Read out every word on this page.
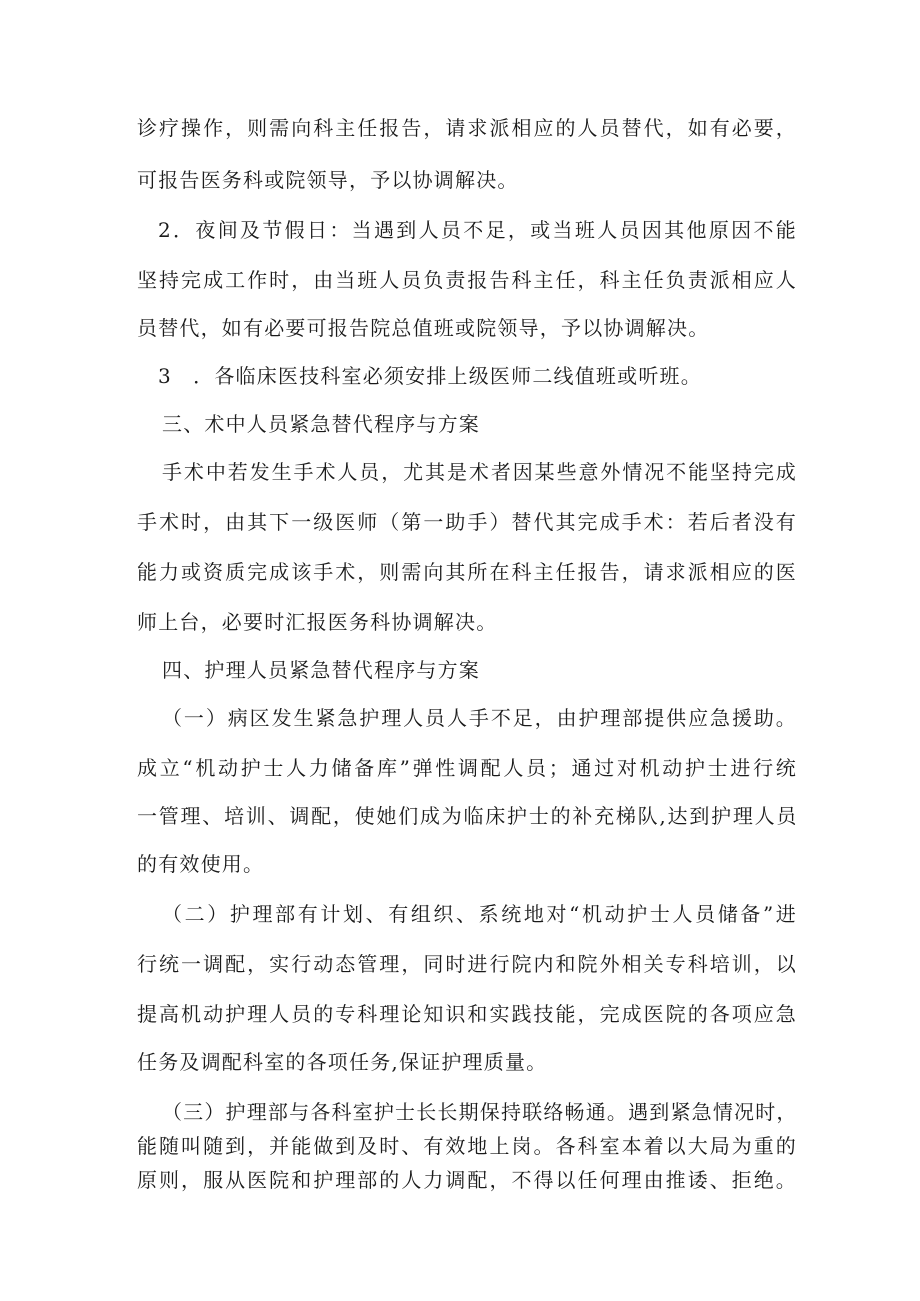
诊疗操作，则需向科主任报告，请求派相应的人员替代，如有必要，
可报告医务科或院领导，予以协调解决。
2．夜间及节假日：当遇到人员不足，或当班人员因其他原因不能
坚持完成工作时，由当班人员负责报告科主任，科主任负责派相应人
员替代，如有必要可报告院总值班或院领导，予以协调解决。
3　．各临床医技科室必须安排上级医师二线值班或听班。
三、术中人员紧急替代程序与方案
手术中若发生手术人员，尤其是术者因某些意外情况不能坚持完成
手术时，由其下一级医师（第一助手）替代其完成手术：若后者没有
能力或资质完成该手术，则需向其所在科主任报告，请求派相应的医
师上台，必要时汇报医务科协调解决。
四、护理人员紧急替代程序与方案
（一）病区发生紧急护理人员人手不足，由护理部提供应急援助。
成立“机动护士人力储备库”弹性调配人员；通过对机动护士进行统
一管理、培训、调配，使她们成为临床护士的补充梯队,达到护理人员
的有效使用。
（二）护理部有计划、有组织、系统地对“机动护士人员储备”进
行统一调配，实行动态管理，同时进行院内和院外相关专科培训，以
提高机动护理人员的专科理论知识和实践技能，完成医院的各项应急
任务及调配科室的各项任务,保证护理质量。
（三）护理部与各科室护士长长期保持联络畅通。遇到紧急情况时，
能随叫随到，并能做到及时、有效地上岗。各科室本着以大局为重的
原则，服从医院和护理部的人力调配，不得以任何理由推诿、拒绝。
